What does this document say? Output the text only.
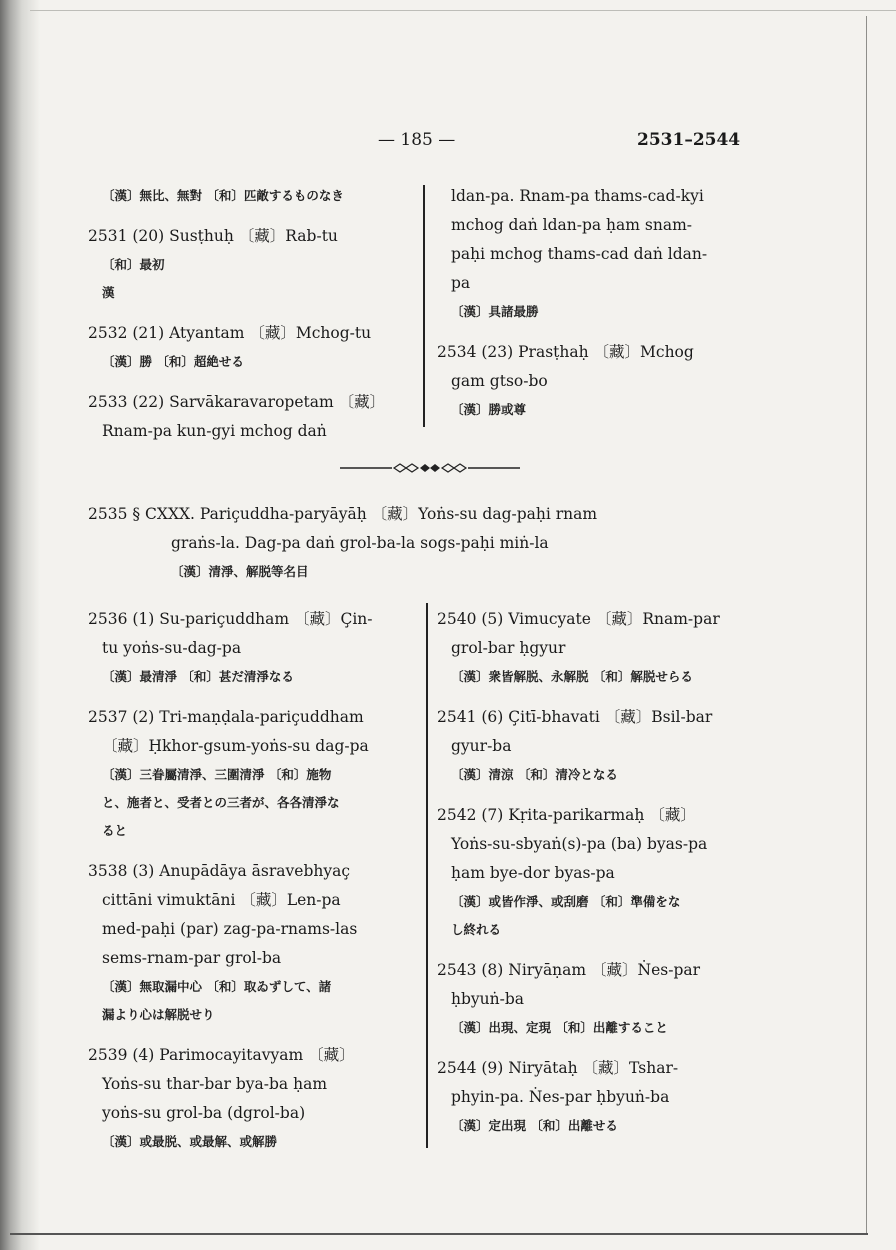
— 185 —	2531–2544
〔漢〕無比、無對 〔和〕匹敵するものなき
2531 (20) Susṭhuḥ 〔藏〕Rab-tu
〔和〕最初
漢
2532 (21) Atyantam 〔藏〕Mchog-tu
〔漢〕勝 〔和〕超絶せる
2533 (22) Sarvākaravaropetam 〔藏〕
Rnam-pa kun-gyi mchog daṅ
ldan-pa. Rnam-pa thams-cad-kyi
mchog daṅ ldan-pa ḥam snam-
paḥi mchog thams-cad daṅ ldan-
pa
〔漢〕具諸最勝
2534 (23) Prasṭhaḥ 〔藏〕Mchog
gam gtso-bo
〔漢〕勝或尊
2535 § CXXX. Pariçuddha-paryāyāḥ 〔藏〕Yoṅs-su dag-paḥi rnam
graṅs-la. Dag-pa daṅ grol-ba-la sogs-paḥi miṅ-la
〔漢〕清淨、解脱等名目
2536 (1) Su-pariçuddham 〔藏〕Çin-
tu yoṅs-su-dag-pa
〔漢〕最清淨 〔和〕甚だ清淨なる
2537 (2) Tri-maṇḍala-pariçuddham
〔藏〕Ḥkhor-gsum-yoṅs-su dag-pa
〔漢〕三眷屬清淨、三圍清淨 〔和〕施物
と、施者と、受者との三者が、各各清淨な
ると
3538 (3) Anupādāya āsravebhyaç
cittāni vimuktāni 〔藏〕Len-pa
med-paḥi (par) zag-pa-rnams-las
sems-rnam-par grol-ba
〔漢〕無取漏中心 〔和〕取ゐずして、諸
漏より心は解脱せり
2539 (4) Parimocayitavyam 〔藏〕
Yoṅs-su thar-bar bya-ba ḥam
yoṅs-su grol-ba (dgrol-ba)
〔漢〕或最脱、或最解、或解勝
2540 (5) Vimucyate 〔藏〕Rnam-par
grol-bar ḥgyur
〔漢〕衆皆解脱、永解脱 〔和〕解脱せらる
2541 (6) Çitī-bhavati 〔藏〕Bsil-bar
gyur-ba
〔漢〕清涼 〔和〕清冷となる
2542 (7) Kṛita-parikarmaḥ 〔藏〕
Yoṅs-su-sbyaṅ(s)-pa (ba) byas-pa
ḥam bye-dor byas-pa
〔漢〕或皆作淨、或刮磨 〔和〕準備をな
し終れる
2543 (8) Niryāṇam 〔藏〕Ṅes-par
ḥbyuṅ-ba
〔漢〕出現、定現 〔和〕出離すること
2544 (9) Niryātaḥ 〔藏〕Tshar-
phyin-pa. Ṅes-par ḥbyuṅ-ba
〔漢〕定出現 〔和〕出離せる
